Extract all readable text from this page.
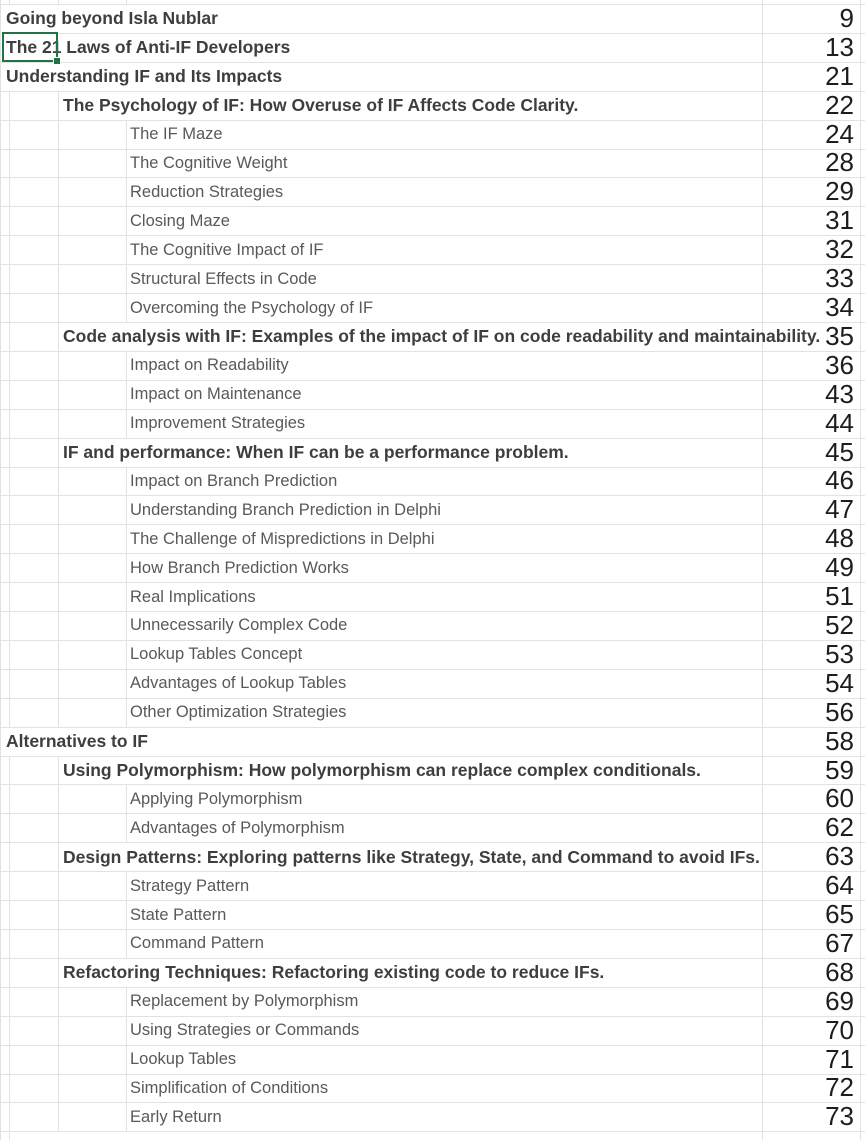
Going beyond Isla Nublar	9
The 21 Laws of Anti-IF Developers	13
Understanding IF and Its Impacts	21
The Psychology of IF: How Overuse of IF Affects Code Clarity.	22
The IF Maze	24
The Cognitive Weight	28
Reduction Strategies	29
Closing Maze	31
The Cognitive Impact of IF	32
Structural Effects in Code	33
Overcoming the Psychology of IF	34
Code analysis with IF: Examples of the impact of IF on code readability and maintainability. 35
Impact on Readability	36
Impact on Maintenance	43
Improvement Strategies	44
IF and performance: When IF can be a performance problem.	45
Impact on Branch Prediction	46
Understanding Branch Prediction in Delphi	47
The Challenge of Mispredictions in Delphi	48
How Branch Prediction Works	49
Real Implications	51
Unnecessarily Complex Code	52
Lookup Tables Concept	53
Advantages of Lookup Tables	54
Other Optimization Strategies	56
Alternatives to IF	58
Using Polymorphism: How polymorphism can replace complex conditionals.	59
Applying Polymorphism	60
Advantages of Polymorphism	62
Design Patterns: Exploring patterns like Strategy, State, and Command to avoid IFs.	63
Strategy Pattern	64
State Pattern	65
Command Pattern	67
Refactoring Techniques: Refactoring existing code to reduce IFs.	68
Replacement by Polymorphism	69
Using Strategies or Commands	70
Lookup Tables	71
Simplification of Conditions	72
Early Return	73
